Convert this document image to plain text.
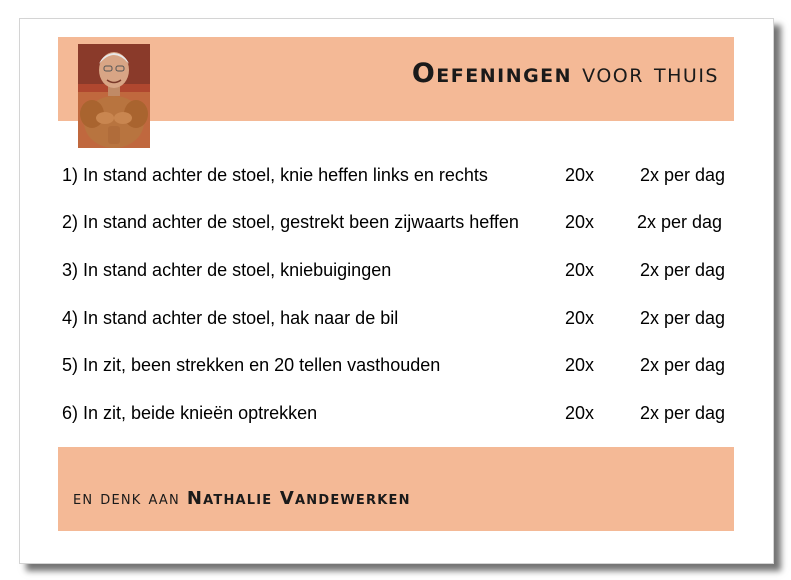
Oefeningen voor thuis
1) In stand achter de stoel, knie heffen links en rechts	20x	2x per dag
2) In stand achter de stoel, gestrekt been zijwaarts heffen	20x 2x per dag
3) In stand achter de stoel, kniebuigingen	20x	2x per dag
4) In stand achter de stoel, hak naar de bil	20x	2x per dag
5) In zit, been strekken en 20 tellen vasthouden	20x	2x per dag
6) In zit, beide knieën optrekken	20x	2x per dag
en denk aan Nathalie Vandewerken
